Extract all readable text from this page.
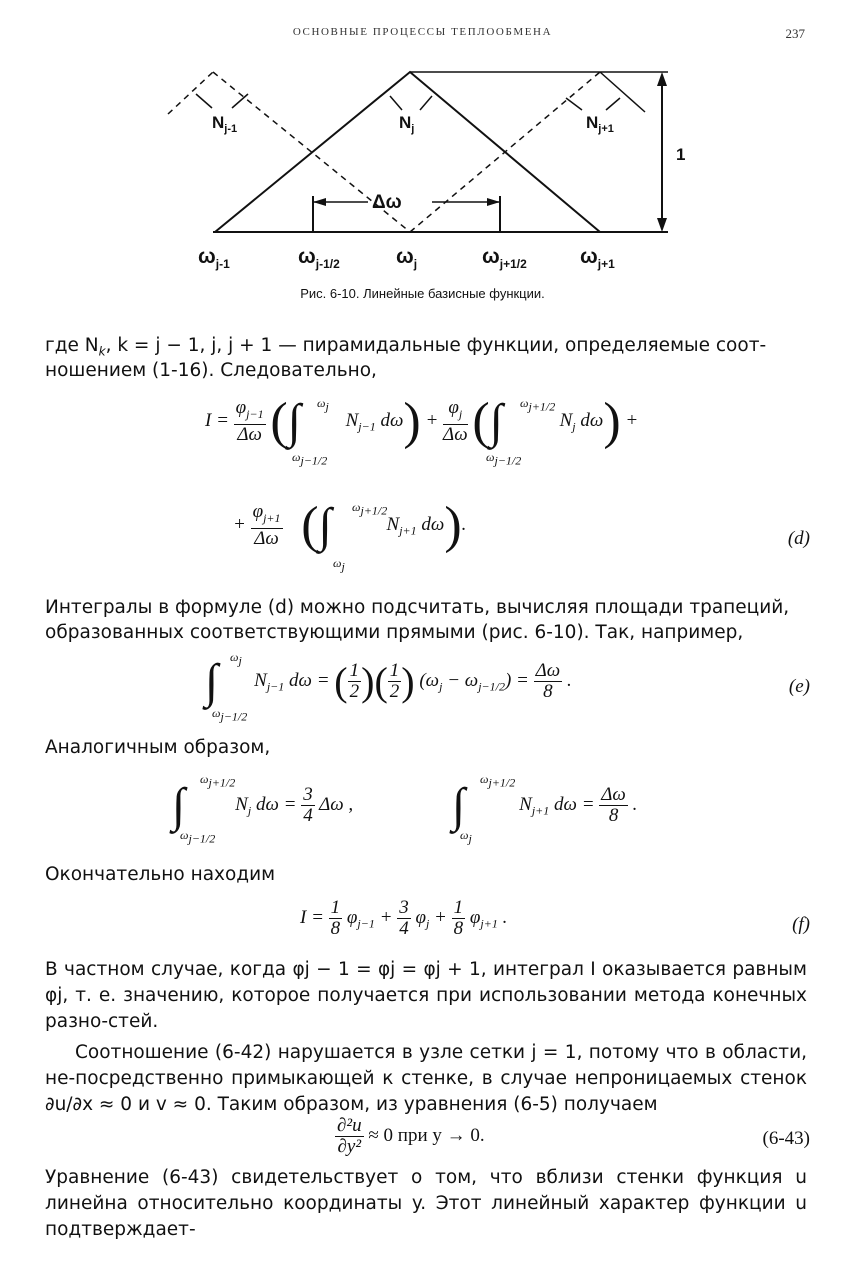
ОСНОВНЫЕ ПРОЦЕССЫ ТЕПЛООБМЕНА	237
$N_{j-1}$	$N_j$	$N_{j+1}$
Δω
1
$\omega_{j-1}$	$\omega_{j-1/2}$	$\omega_j$	$\omega_{j+1/2}$	$\omega_{j+1}$
Рис. 6-10. Линейные базисные функции.
где $N_k$, k = j − 1, j, j + 1 — пирамидальные функции, определяемые соот-
ношением (1-16). Следовательно,
$I = \frac{\varphi_{j-1}}{\Delta\omega}$ (∫ $N_{j-1}$ $d\omega) + \frac{\varphi_j}{\Delta\omega}$ (∫	$N_j$ dω) +
$\omega_j$
$\omega_{j-1/2}$
$\omega_{j+1/2}$
$\omega_{j-1/2}$
+ $\frac{\varphi_{j+1}}{\Delta\omega}$ (∫	$N_{j+1}$ dω).
$\omega_{j+1/2}$
$\omega_j$
(d)
Интегралы в формуле (d) можно подсчитать, вычисляя площади трапеций,
образованных соответствующими прямыми (рис. 6-10). Так, например,
∫ $N_{j-1}$ dω = ( $\frac{1}{2}$ )( $\frac{1}{2}$ ) $(\omega_j - \omega_{j-1/2}) = \frac{\Delta\omega}{8}$ .
$\omega_j$
$\omega_{j-1/2}$
(e)
Аналогичным образом,
∫	$N_j$ $d\omega = \frac{3}{4}$ Δω ,
$\omega_{j+1/2}$
$\omega_{j-1/2}$
∫	$N_{j+1}$ $d\omega = \frac{\Delta\omega}{8}$ .
$\omega_{j+1/2}$
$\omega_j$
Окончательно находим
$I = \frac{1}{8} \varphi_{j-1} + \frac{3}{4} \varphi_j + \frac{1}{8} \varphi_{j+1}$ .	(f)
В частном случае, когда φj − 1 = φj = φj + 1, интеграл I оказывается равным φj, т. е. значению, которое получается при использовании метода конечных разно-стей.
Соотношение (6-42) нарушается в узле сетки j = 1, потому что в области, не-посредственно примыкающей к стенке, в случае непроницаемых стенок ∂u/∂x ≈ 0 и v ≈ 0. Таким образом, из уравнения (6-5) получаем
$\frac{\text{∂²u}}{\text{∂y²}} \approx 0$ при y → 0.	(6-43)
Уравнение (6-43) свидетельствует о том, что вблизи стенки функция u линейна относительно координаты y. Этот линейный характер функции u подтверждает-
